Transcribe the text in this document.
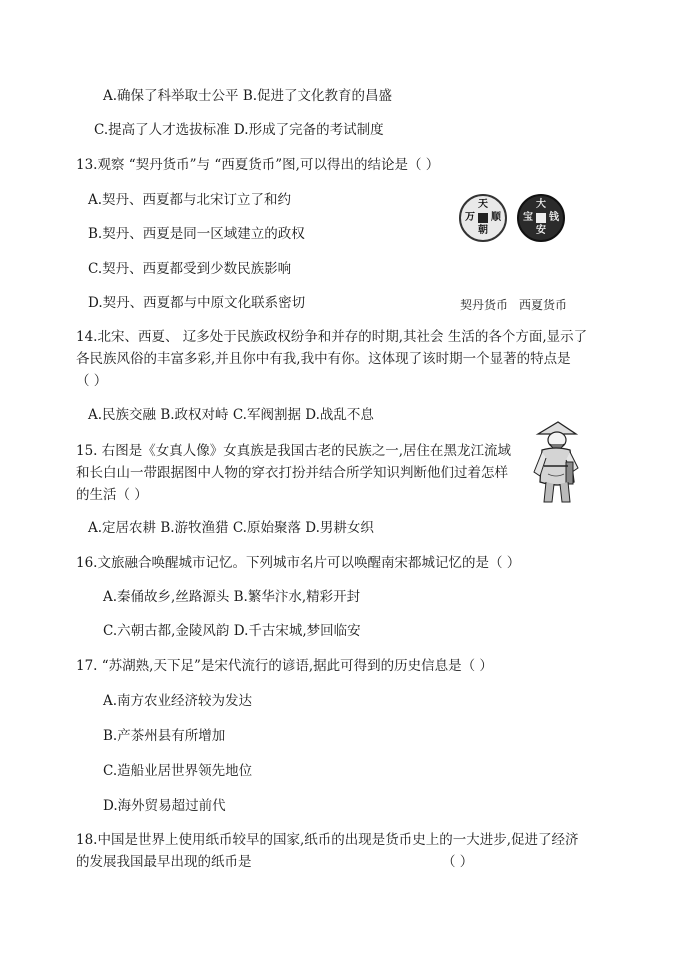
A.确保了科举取士公平 B.促进了文化教育的昌盛
C.提高了人才选拔标准 D.形成了完备的考试制度
13.观察 “契丹货币”与 “西夏货币”图,可以得出的结论是（ ）
A.契丹、西夏都与北宋订立了和约
B.契丹、西夏是同一区域建立的政权
C.契丹、西夏都受到少数民族影响
D.契丹、西夏都与中原文化联系密切
天
朝
万 顺
大
安
宝 钱
契丹货币 西夏货币
14.北宋、西夏、 辽多处于民族政权纷争和并存的时期,其社会 生活的各个方面,显示了
各民族风俗的丰富多彩,并且你中有我,我中有你。这体现了该时期一个显著的特点是
（ ）
A.民族交融 B.政权对峙 C.军阀割据 D.战乱不息
15. 右图是《女真人像》女真族是我国古老的民族之一,居住在黑龙江流域
和长白山一带跟据图中人物的穿衣打扮并结合所学知识判断他们过着怎样
的生活（ ）
A.定居农耕 B.游牧渔猎 C.原始聚落 D.男耕女织
16.文旅融合唤醒城市记忆。下列城市名片可以唤醒南宋都城记忆的是（ ）
A.秦俑故乡,丝路源头 B.繁华汴水,精彩开封
C.六朝古都,金陵风韵 D.千古宋城,梦回临安
17. “苏湖熟,天下足”是宋代流行的谚语,据此可得到的历史信息是（ ）
A.南方农业经济较为发达
B.产茶州县有所增加
C.造船业居世界领先地位
D.海外贸易超过前代
18.中国是世界上使用纸币较早的国家,纸币的出现是货币史上的一大进步,促进了经济
的发展我国最早出现的纸币是	（ ）
